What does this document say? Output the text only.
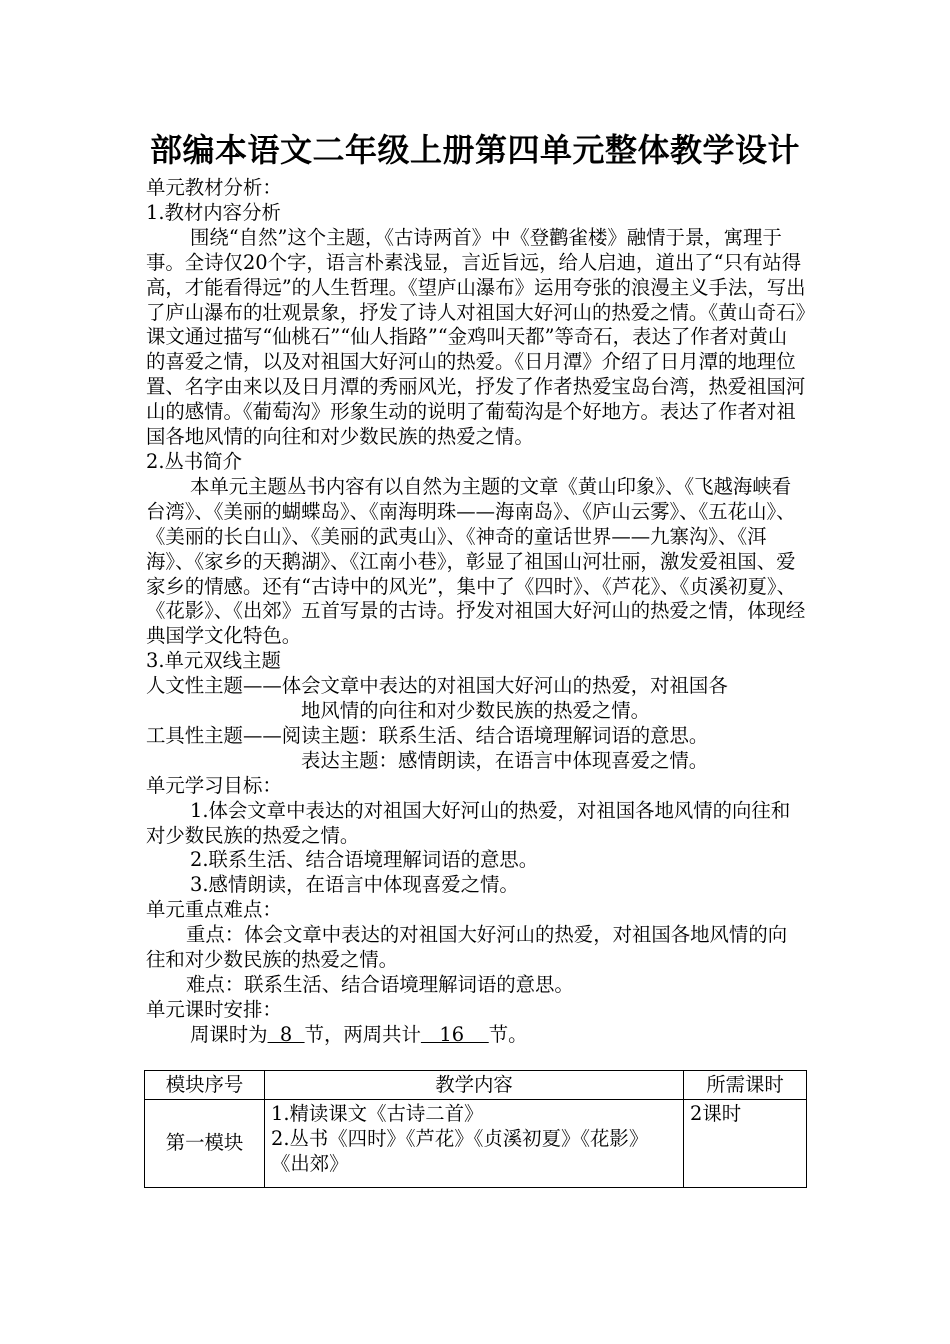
部编本语文二年级上册第四单元整体教学设计

单元教材分析：

1.教材内容分析

围绕“自然”这个主题，《古诗两首》中《登鹳雀楼》融情于景，寓理于事。全诗仅20个字，语言朴素浅显，言近旨远，给人启迪，道出了“只有站得高，才能看得远”的人生哲理。《望庐山瀑布》运用夸张的浪漫主义手法，写出了庐山瀑布的壮观景象，抒发了诗人对祖国大好河山的热爱之情。《黄山奇石》课文通过描写“仙桃石”“仙人指路”“金鸡叫天都”等奇石，表达了作者对黄山的喜爱之情，以及对祖国大好河山的热爱。《日月潭》介绍了日月潭的地理位置、名字由来以及日月潭的秀丽风光，抒发了作者热爱宝岛台湾，热爱祖国河山的感情。《葡萄沟》形象生动的说明了葡萄沟是个好地方。表达了作者对祖国各地风情的向往和对少数民族的热爱之情。

2.丛书简介

本单元主题丛书内容有以自然为主题的文章《黄山印象》、《飞越海峡看台湾》、《美丽的蝴蝶岛》、《南海明珠——海南岛》、《庐山云雾》、《五花山》、《美丽的长白山》、《美丽的武夷山》、《神奇的童话世界——九寨沟》、《洱海》、《家乡的天鹅湖》、《江南小巷》，彰显了祖国山河壮丽，激发爱祖国、爱家乡的情感。还有“古诗中的风光”，集中了《四时》、《芦花》、《贞溪初夏》、《花影》、《出郊》五首写景的古诗。抒发对祖国大好河山的热爱之情，体现经典国学文化特色。

3.单元双线主题

人文性主题——体会文章中表达的对祖国大好河山的热爱，对祖国各

地风情的向往和对少数民族的热爱之情。

工具性主题——阅读主题：联系生活、结合语境理解词语的意思。

表达主题：感情朗读，在语言中体现喜爱之情。

单元学习目标：

1.体会文章中表达的对祖国大好河山的热爱，对祖国各地风情的向往和对少数民族的热爱之情。

2.联系生活、结合语境理解词语的意思。

3.感情朗读，在语言中体现喜爱之情。

单元重点难点：

重点：体会文章中表达的对祖国大好河山的热爱，对祖国各地风情的向往和对少数民族的热爱之情。

难点：联系生活、结合语境理解词语的意思。

单元课时安排：

周课时为  8  节，两周共计   16    节。

模块序号	教学内容	所需课时
第一模块	1.精读课文《古诗二首》
2.丛书《四时》《芦花》《贞溪初夏》《花影》《出郊》	2课时
